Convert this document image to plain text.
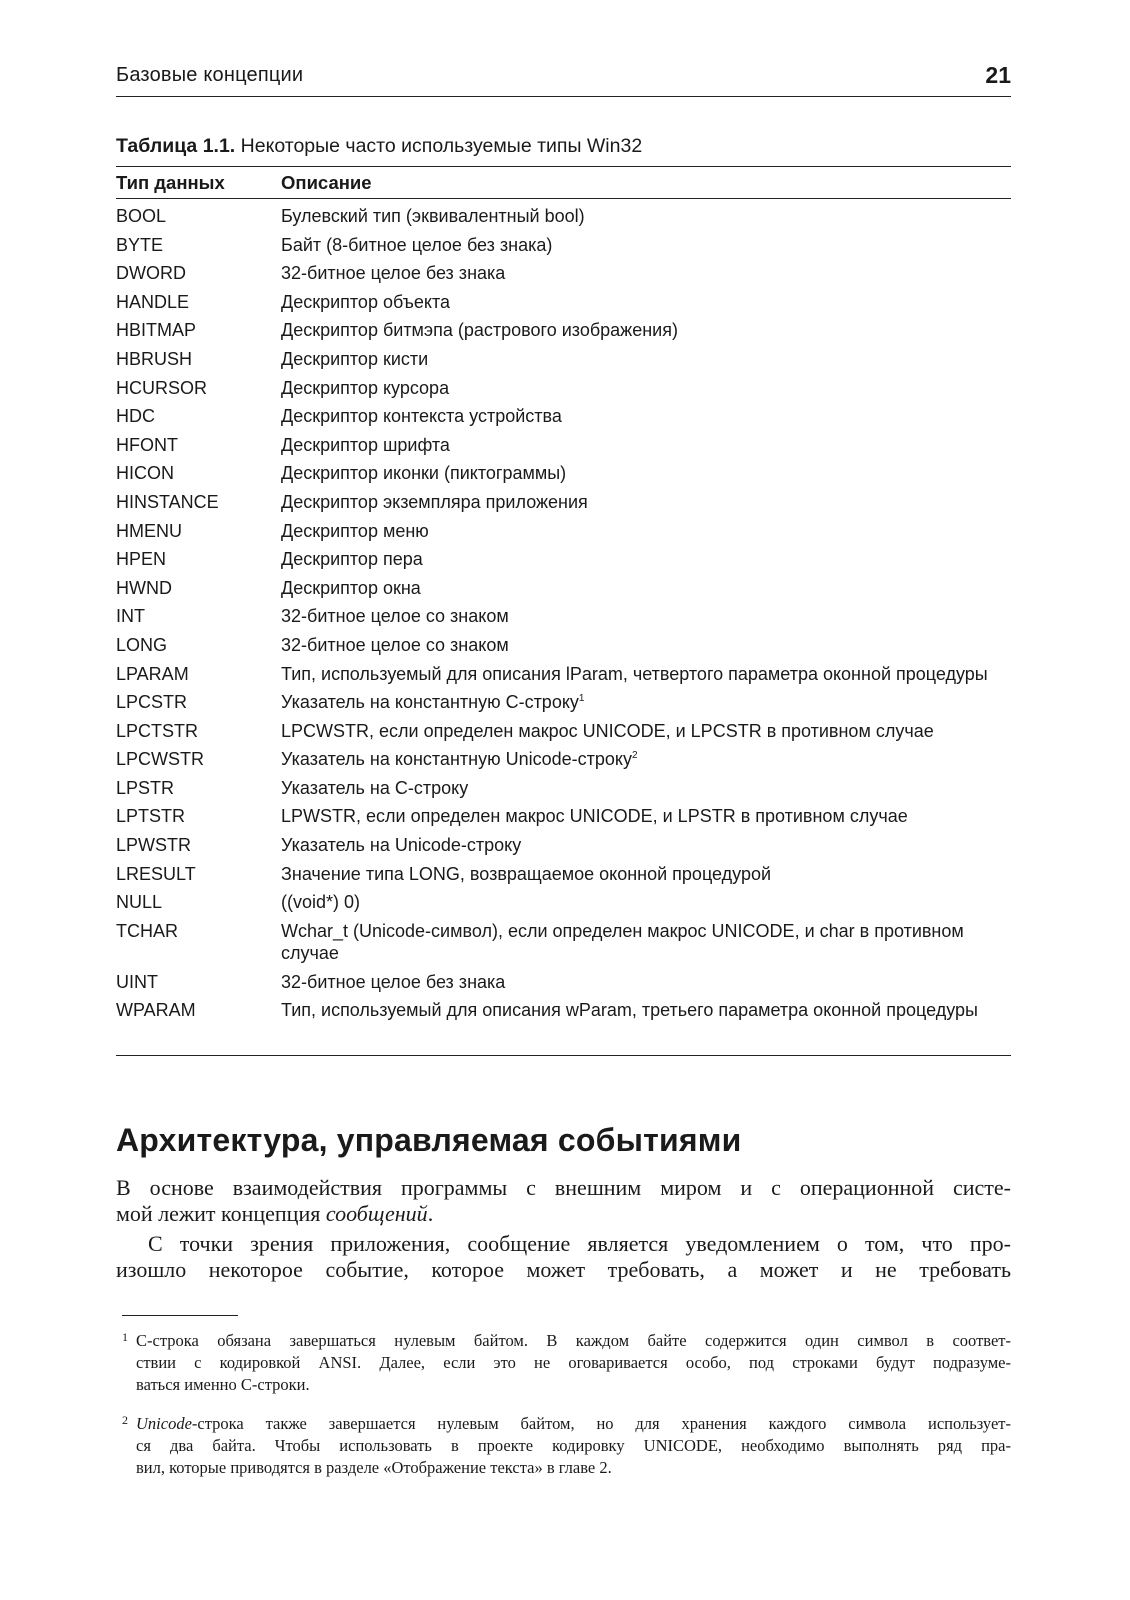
Базовые концепции	21
Таблица 1.1. Некоторые часто используемые типы Win32
Тип данных	Описание
BOOL	Булевский тип (эквивалентный bool)
BYTE	Байт (8-битное целое без знака)
DWORD	32-битное целое без знака
HANDLE	Дескриптор объекта
HBITMAP	Дескриптор битмэпа (растрового изображения)
HBRUSH	Дескриптор кисти
HCURSOR	Дескриптор курсора
HDC	Дескриптор контекста устройства
HFONT	Дескриптор шрифта
HICON	Дескриптор иконки (пиктограммы)
HINSTANCE	Дескриптор экземпляра приложения
HMENU	Дескриптор меню
HPEN	Дескриптор пера
HWND	Дескриптор окна
INT	32-битное целое со знаком
LONG	32-битное целое со знаком
LPARAM	Тип, используемый для описания lParam, четвертого параметра оконной процедуры
LPCSTR	Указатель на константную C-строку$^1$
LPCTSTR	LPCWSTR, если определен макрос UNICODE, и LPCSTR в противном случае
LPCWSTR	Указатель на константную Unicode-строку$^2$
LPSTR	Указатель на C-строку
LPTSTR	LPWSTR, если определен макрос UNICODE, и LPSTR в противном случае
LPWSTR	Указатель на Unicode-строку
LRESULT	Значение типа LONG, возвращаемое оконной процедурой
NULL	((void*) 0)
TCHAR	Wchar_t (Unicode-символ), если определен макрос UNICODE, и char в противном случае
UINT	32-битное целое без знака
WPARAM	Тип, используемый для описания wParam, третьего параметра оконной процедуры
Архитектура, управляемая событиями
В основе взаимодействия программы с внешним миром и с операционной систе-
мой лежит концепция сообщений.
С точки зрения приложения, сообщение является уведомлением о том, что про-
изошло некоторое событие, которое может требовать, а может и не требовать
1 C-строка обязана завершаться нулевым байтом. В каждом байте содержится один символ в соответ-
ствии с кодировкой ANSI. Далее, если это не оговаривается особо, под строками будут подразуме-
ваться именно C-строки.
2 Unicode-строка также завершается нулевым байтом, но для хранения каждого символа использует-
ся два байта. Чтобы использовать в проекте кодировку UNICODE, необходимо выполнять ряд пра-
вил, которые приводятся в разделе «Отображение текста» в главе 2.
